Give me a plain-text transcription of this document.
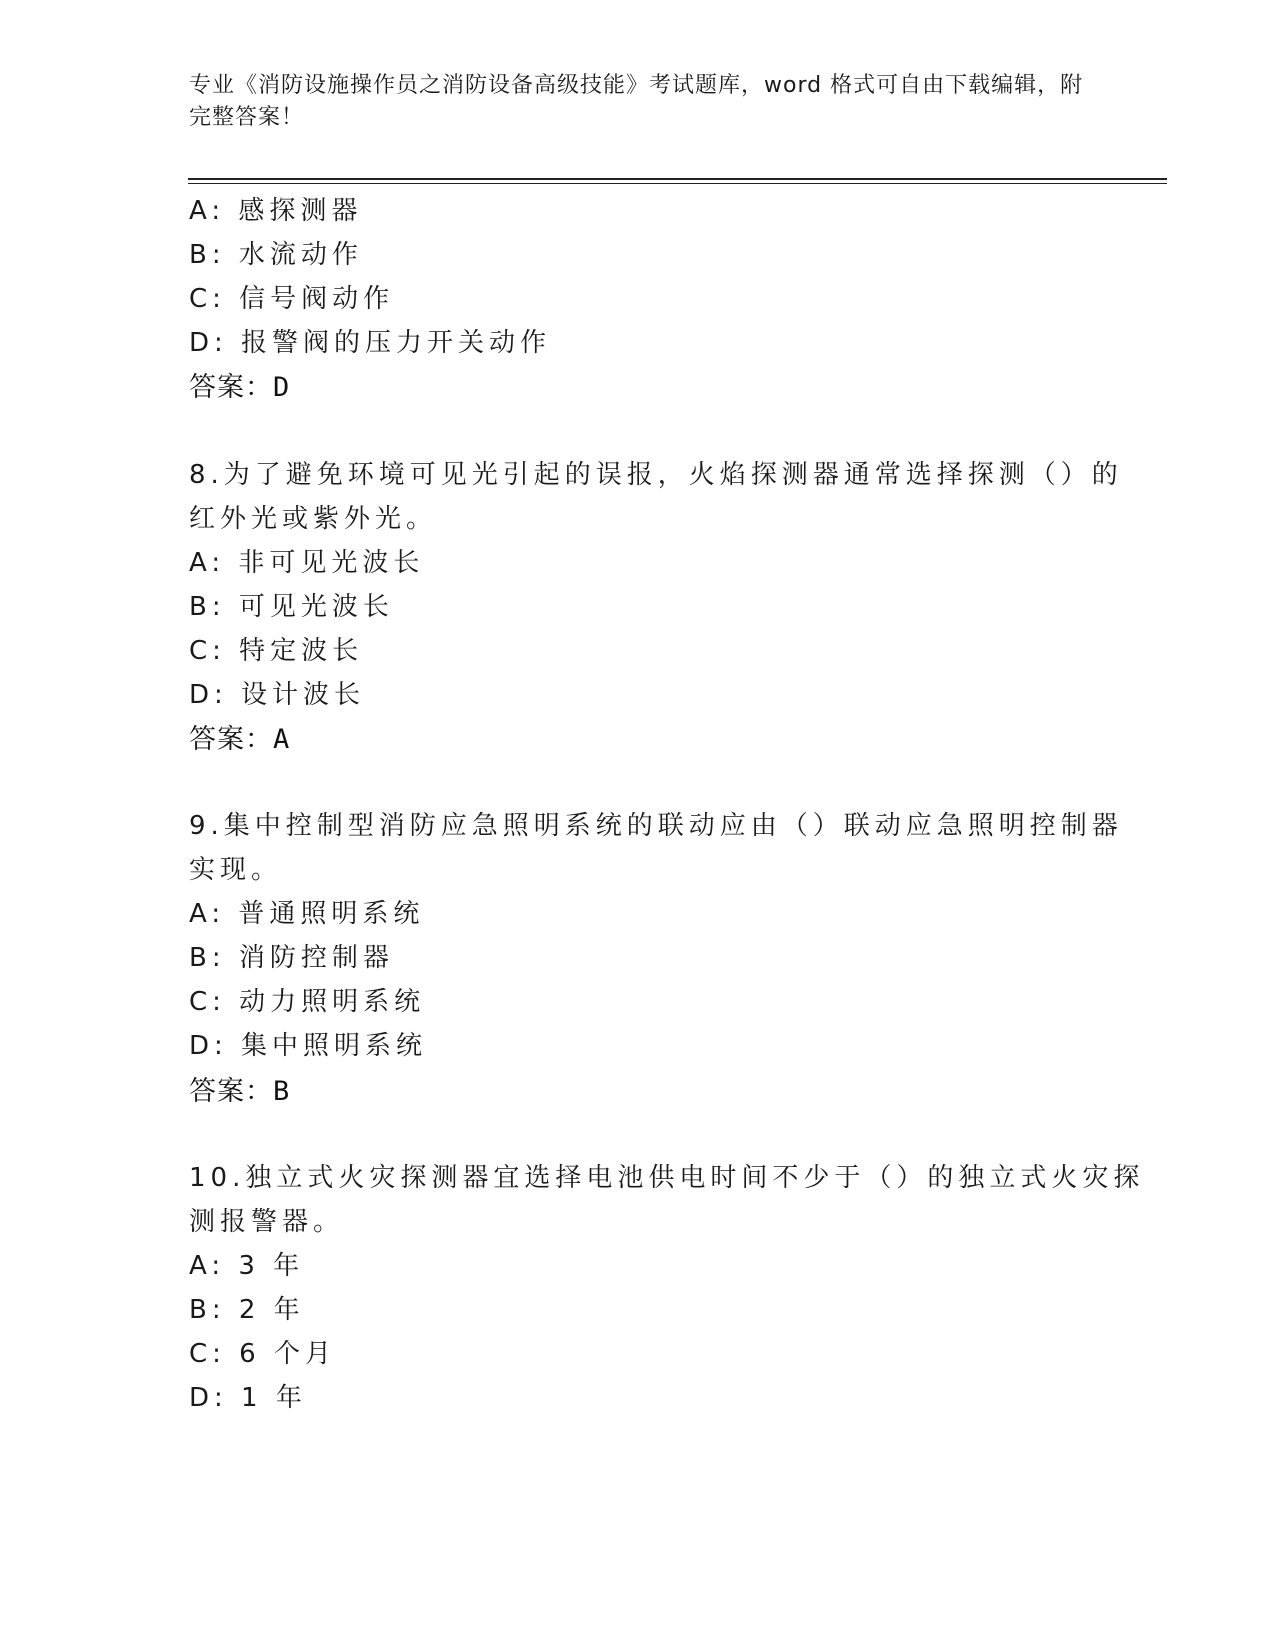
专业《消防设施操作员之消防设备高级技能》考试题库，word 格式可自由下载编辑，附完整答案！
A: 感探测器
B: 水流动作
C: 信号阀动作
D: 报警阀的压力开关动作
答案：D
8.为了避免环境可见光引起的误报，火焰探测器通常选择探测（）的
红外光或紫外光。
A: 非可见光波长
B: 可见光波长
C: 特定波长
D: 设计波长
答案：A
9.集中控制型消防应急照明系统的联动应由（）联动应急照明控制器
实现。
A: 普通照明系统
B: 消防控制器
C: 动力照明系统
D: 集中照明系统
答案：B
10.独立式火灾探测器宜选择电池供电时间不少于（）的独立式火灾探
测报警器。
A: 3 年
B: 2 年
C: 6 个月
D: 1 年
